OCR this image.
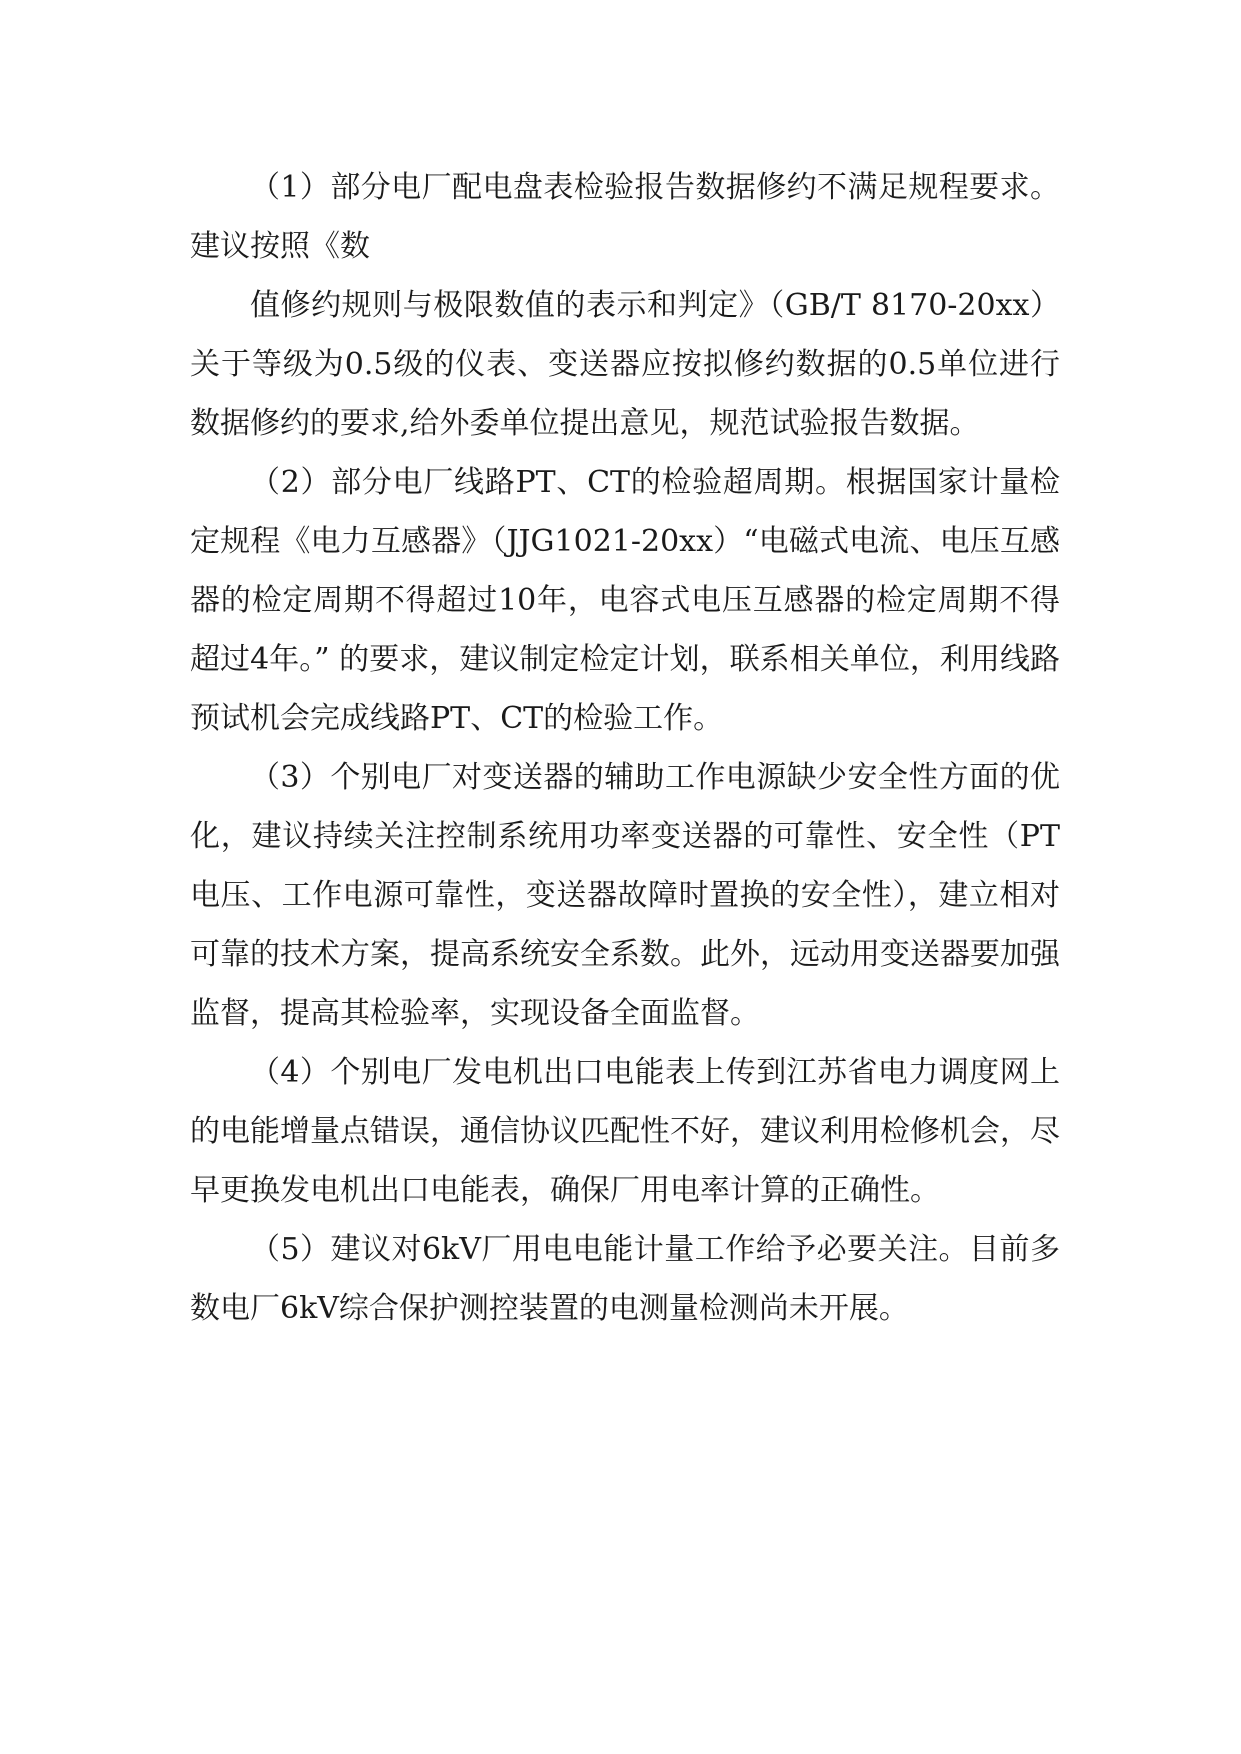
（1）部分电厂配电盘表检验报告数据修约不满足规程要求。建议按照《数

值修约规则与极限数值的表示和判定》（GB/T 8170-20xx）关于等级为0.5级的仪表、变送器应按拟修约数据的0.5单位进行数据修约的要求,给外委单位提出意见，规范试验报告数据。

（2）部分电厂线路PT、CT的检验超周期。根据国家计量检定规程《电力互感器》（JJG1021-20xx）“电磁式电流、电压互感器的检定周期不得超过10年，电容式电压互感器的检定周期不得超过4年。” 的要求，建议制定检定计划，联系相关单位，利用线路预试机会完成线路PT、CT的检验工作。

（3）个别电厂对变送器的辅助工作电源缺少安全性方面的优化，建议持续关注控制系统用功率变送器的可靠性、安全性（PT电压、工作电源可靠性，变送器故障时置换的安全性），建立相对可靠的技术方案，提高系统安全系数。此外，远动用变送器要加强监督，提高其检验率，实现设备全面监督。

（4）个别电厂发电机出口电能表上传到江苏省电力调度网上的电能增量点错误，通信协议匹配性不好，建议利用检修机会，尽早更换发电机出口电能表，确保厂用电率计算的正确性。

（5）建议对6kV厂用电电能计量工作给予必要关注。目前多数电厂6kV综合保护测控装置的电测量检测尚未开展。
